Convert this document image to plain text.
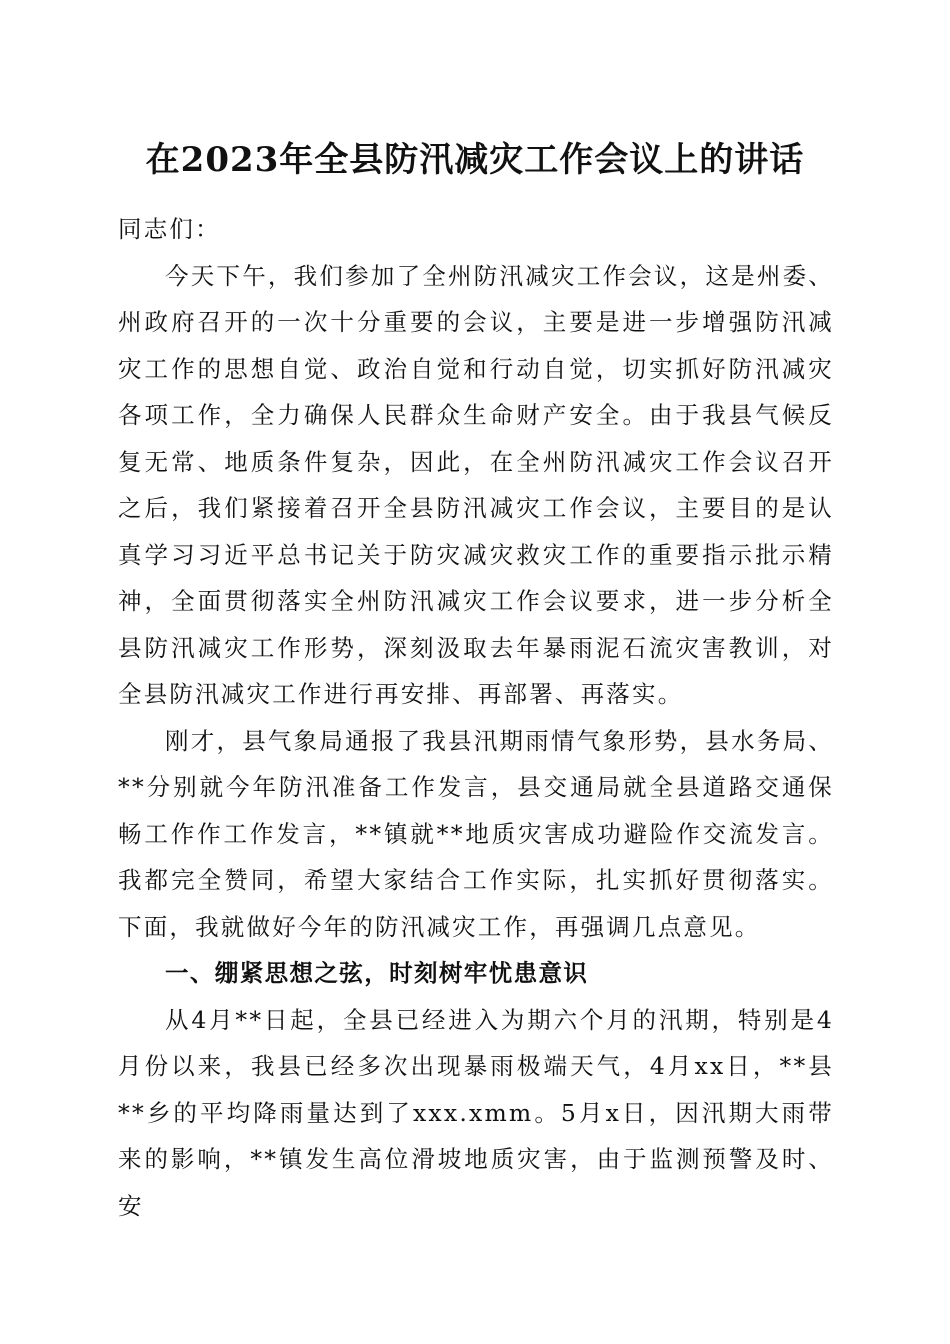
在2023年全县防汛减灾工作会议上的讲话

同志们：

今天下午，我们参加了全州防汛减灾工作会议，这是州委、州政府召开的一次十分重要的会议，主要是进一步增强防汛减灾工作的思想自觉、政治自觉和行动自觉，切实抓好防汛减灾各项工作，全力确保人民群众生命财产安全。由于我县气候反复无常、地质条件复杂，因此，在全州防汛减灾工作会议召开之后，我们紧接着召开全县防汛减灾工作会议，主要目的是认真学习习近平总书记关于防灾减灾救灾工作的重要指示批示精神，全面贯彻落实全州防汛减灾工作会议要求，进一步分析全县防汛减灾工作形势，深刻汲取去年暴雨泥石流灾害教训，对全县防汛减灾工作进行再安排、再部署、再落实。

刚才，县气象局通报了我县汛期雨情气象形势，县水务局、**分别就今年防汛准备工作发言，县交通局就全县道路交通保畅工作作工作发言，**镇就**地质灾害成功避险作交流发言。我都完全赞同，希望大家结合工作实际，扎实抓好贯彻落实。下面，我就做好今年的防汛减灾工作，再强调几点意见。

一、绷紧思想之弦，时刻树牢忧患意识

从4月**日起，全县已经进入为期六个月的汛期，特别是4月份以来，我县已经多次出现暴雨极端天气，4月xx日，**县**乡的平均降雨量达到了xxx.xmm。5月x日，因汛期大雨带来的影响，**镇发生高位滑坡地质灾害，由于监测预警及时、安
